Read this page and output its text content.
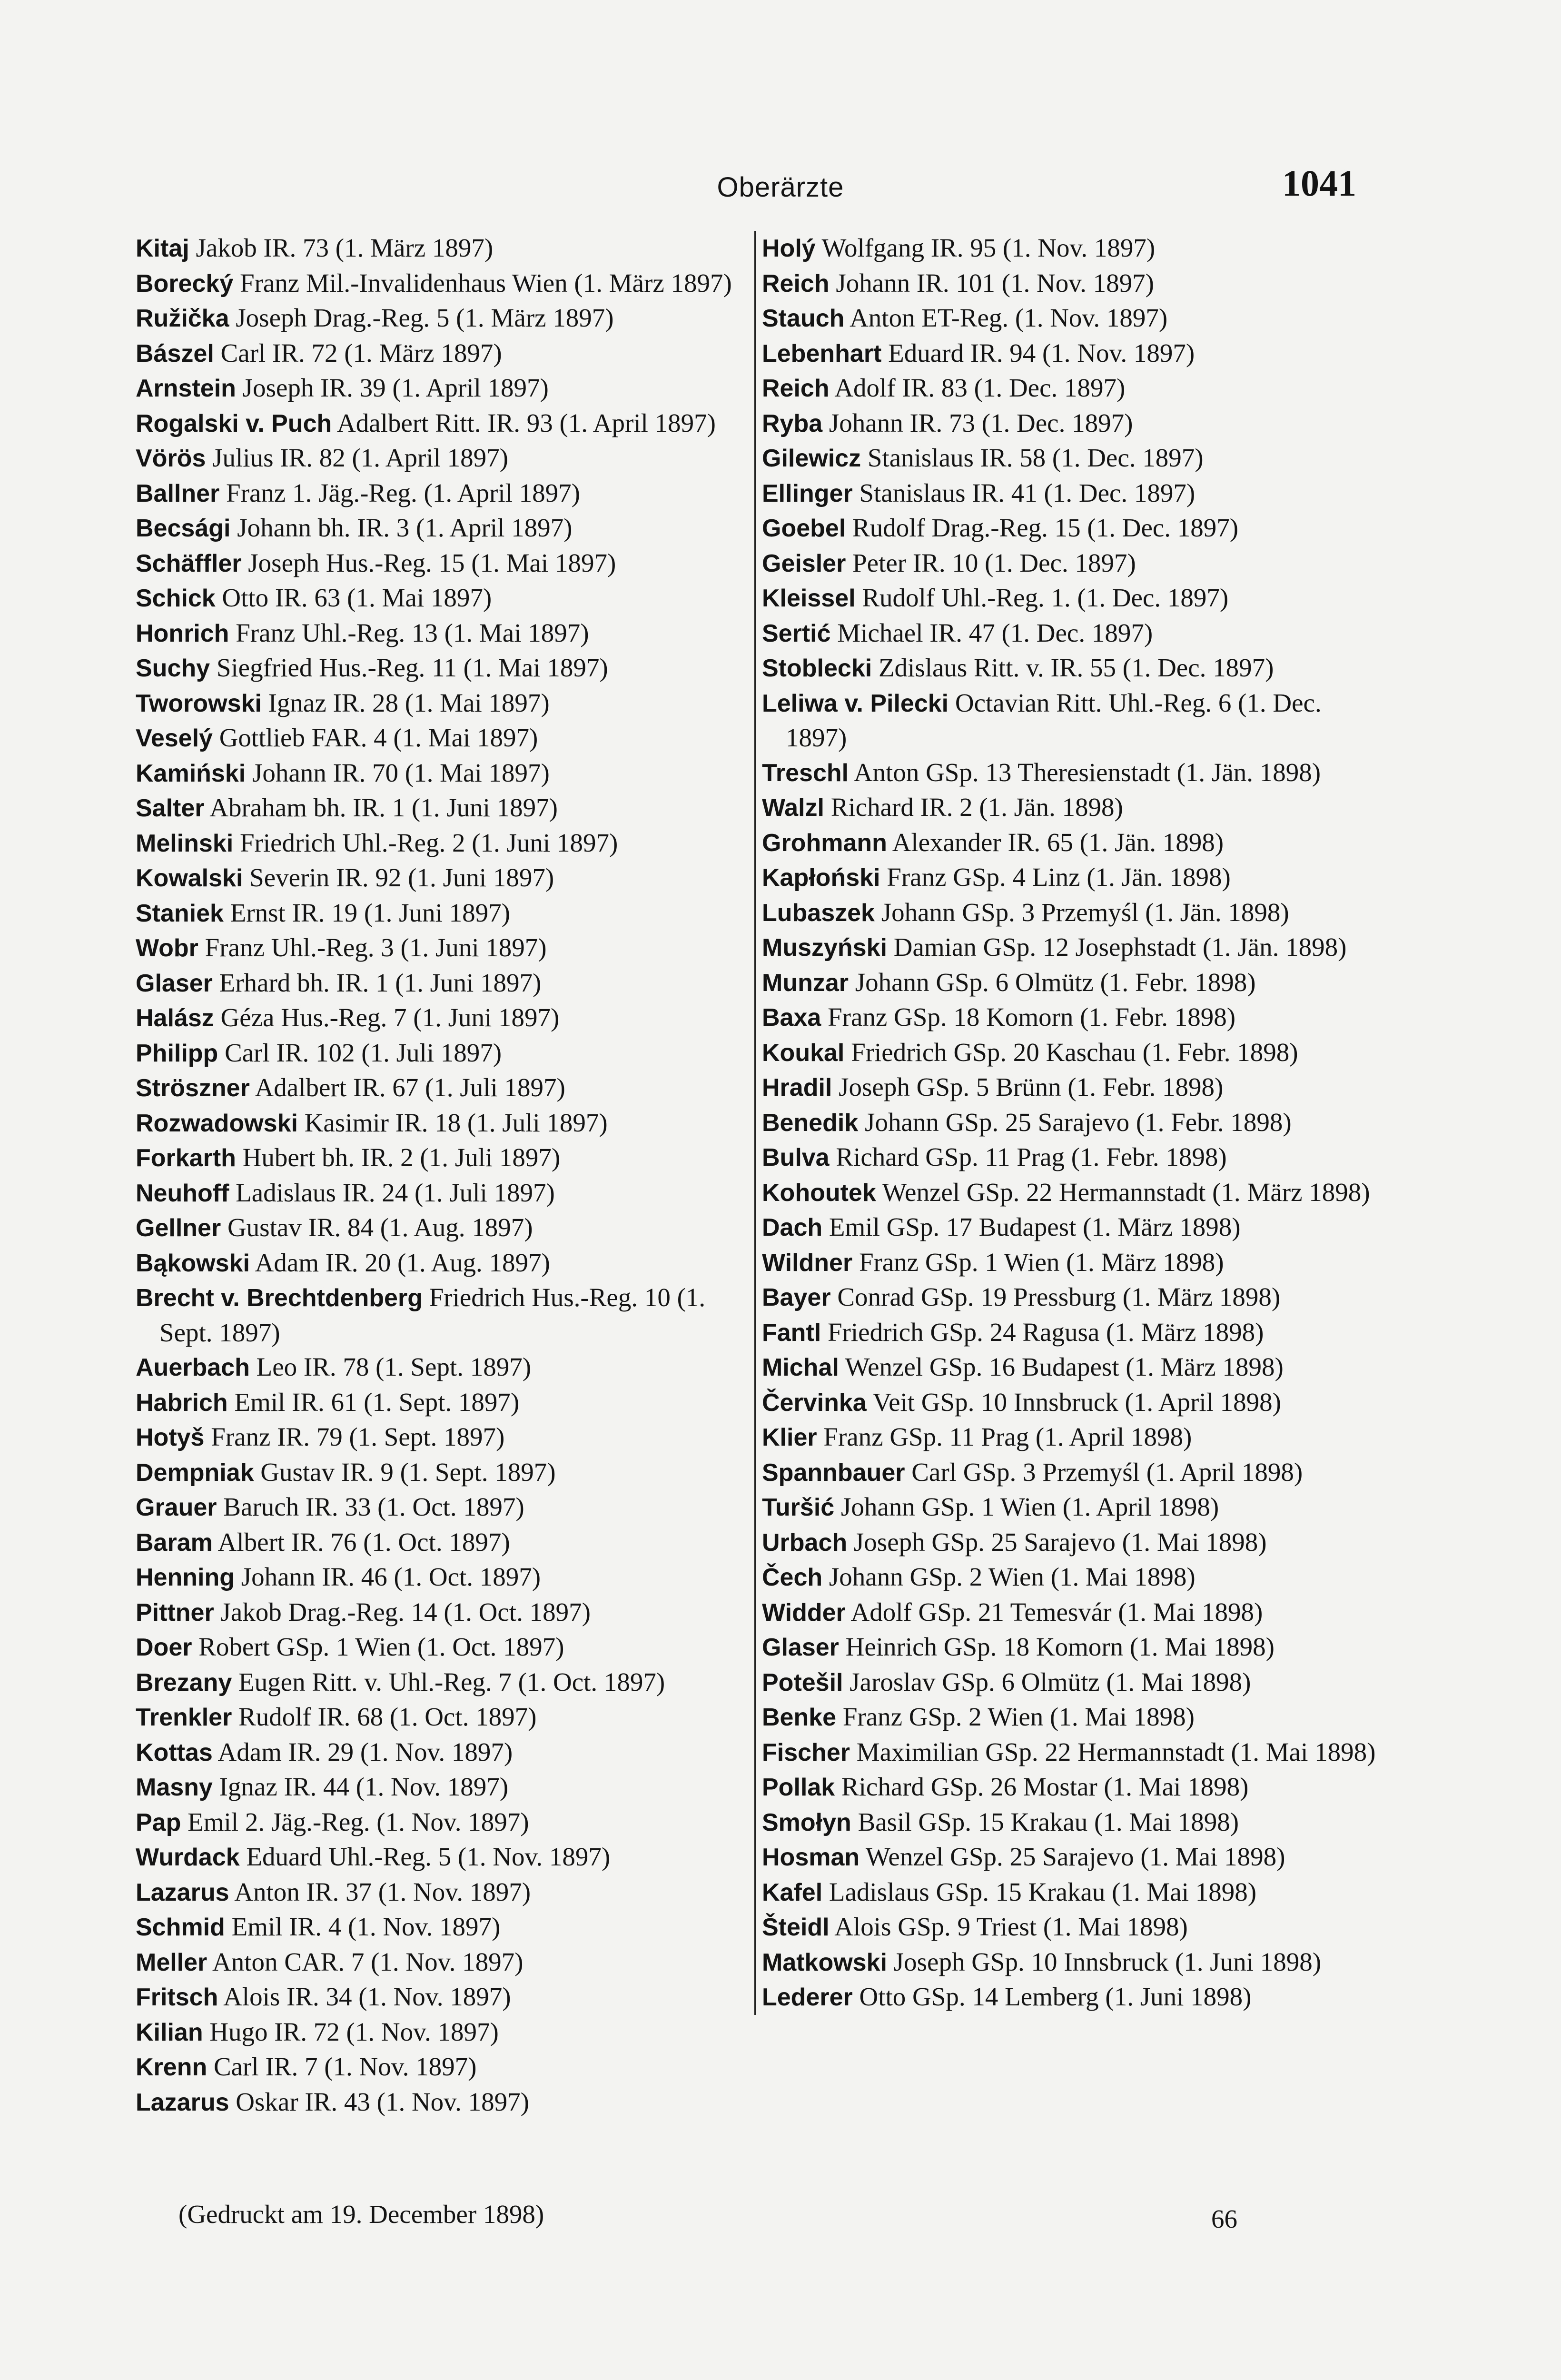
Oberärzte	1041

Kitaj Jakob IR. 73 (1. März 1897)

Borecký Franz Mil.-Invalidenhaus Wien (1. März 1897)

Ružička Joseph Drag.-Reg. 5 (1. März 1897)

Bászel Carl IR. 72 (1. März 1897)

Arnstein Joseph IR. 39 (1. April 1897)

Rogalski v. Puch Adalbert Ritt. IR. 93 (1. April 1897)

Vörös Julius IR. 82 (1. April 1897)

Ballner Franz 1. Jäg.-Reg. (1. April 1897)

Becsági Johann bh. IR. 3 (1. April 1897)

Schäffler Joseph Hus.-Reg. 15 (1. Mai 1897)

Schick Otto IR. 63 (1. Mai 1897)

Honrich Franz Uhl.-Reg. 13 (1. Mai 1897)

Suchy Siegfried Hus.-Reg. 11 (1. Mai 1897)

Tworowski Ignaz IR. 28 (1. Mai 1897)

Veselý Gottlieb FAR. 4 (1. Mai 1897)

Kamiński Johann IR. 70 (1. Mai 1897)

Salter Abraham bh. IR. 1 (1. Juni 1897)

Melinski Friedrich Uhl.-Reg. 2 (1. Juni 1897)

Kowalski Severin IR. 92 (1. Juni 1897)

Staniek Ernst IR. 19 (1. Juni 1897)

Wobr Franz Uhl.-Reg. 3 (1. Juni 1897)

Glaser Erhard bh. IR. 1 (1. Juni 1897)

Halász Géza Hus.-Reg. 7 (1. Juni 1897)

Philipp Carl IR. 102 (1. Juli 1897)

Ströszner Adalbert IR. 67 (1. Juli 1897)

Rozwadowski Kasimir IR. 18 (1. Juli 1897)

Forkarth Hubert bh. IR. 2 (1. Juli 1897)

Neuhoff Ladislaus IR. 24 (1. Juli 1897)

Gellner Gustav IR. 84 (1. Aug. 1897)

Bąkowski Adam IR. 20 (1. Aug. 1897)

Brecht v. Brechtdenberg Friedrich Hus.-Reg. 10 (1. Sept. 1897)

Auerbach Leo IR. 78 (1. Sept. 1897)

Habrich Emil IR. 61 (1. Sept. 1897)

Hotyš Franz IR. 79 (1. Sept. 1897)

Dempniak Gustav IR. 9 (1. Sept. 1897)

Grauer Baruch IR. 33 (1. Oct. 1897)

Baram Albert IR. 76 (1. Oct. 1897)

Henning Johann IR. 46 (1. Oct. 1897)

Pittner Jakob Drag.-Reg. 14 (1. Oct. 1897)

Doer Robert GSp. 1 Wien (1. Oct. 1897)

Brezany Eugen Ritt. v. Uhl.-Reg. 7 (1. Oct. 1897)

Trenkler Rudolf IR. 68 (1. Oct. 1897)

Kottas Adam IR. 29 (1. Nov. 1897)

Masny Ignaz IR. 44 (1. Nov. 1897)

Pap Emil 2. Jäg.-Reg. (1. Nov. 1897)

Wurdack Eduard Uhl.-Reg. 5 (1. Nov. 1897)

Lazarus Anton IR. 37 (1. Nov. 1897)

Schmid Emil IR. 4 (1. Nov. 1897)

Meller Anton CAR. 7 (1. Nov. 1897)

Fritsch Alois IR. 34 (1. Nov. 1897)

Kilian Hugo IR. 72 (1. Nov. 1897)

Krenn Carl IR. 7 (1. Nov. 1897)

Lazarus Oskar IR. 43 (1. Nov. 1897)

Holý Wolfgang IR. 95 (1. Nov. 1897)

Reich Johann IR. 101 (1. Nov. 1897)

Stauch Anton ET-Reg. (1. Nov. 1897)

Lebenhart Eduard IR. 94 (1. Nov. 1897)

Reich Adolf IR. 83 (1. Dec. 1897)

Ryba Johann IR. 73 (1. Dec. 1897)

Gilewicz Stanislaus IR. 58 (1. Dec. 1897)

Ellinger Stanislaus IR. 41 (1. Dec. 1897)

Goebel Rudolf Drag.-Reg. 15 (1. Dec. 1897)

Geisler Peter IR. 10 (1. Dec. 1897)

Kleissel Rudolf Uhl.-Reg. 1. (1. Dec. 1897)

Sertić Michael IR. 47 (1. Dec. 1897)

Stoblecki Zdislaus Ritt. v. IR. 55 (1. Dec. 1897)

Leliwa v. Pilecki Octavian Ritt. Uhl.-Reg. 6 (1. Dec. 1897)

Treschl Anton GSp. 13 Theresienstadt (1. Jän. 1898)

Walzl Richard IR. 2 (1. Jän. 1898)

Grohmann Alexander IR. 65 (1. Jän. 1898)

Kapłoński Franz GSp. 4 Linz (1. Jän. 1898)

Lubaszek Johann GSp. 3 Przemyśl (1. Jän. 1898)

Muszyński Damian GSp. 12 Josephstadt (1. Jän. 1898)

Munzar Johann GSp. 6 Olmütz (1. Febr. 1898)

Baxa Franz GSp. 18 Komorn (1. Febr. 1898)

Koukal Friedrich GSp. 20 Kaschau (1. Febr. 1898)

Hradil Joseph GSp. 5 Brünn (1. Febr. 1898)

Benedik Johann GSp. 25 Sarajevo (1. Febr. 1898)

Bulva Richard GSp. 11 Prag (1. Febr. 1898)

Kohoutek Wenzel GSp. 22 Hermannstadt (1. März 1898)

Dach Emil GSp. 17 Budapest (1. März 1898)

Wildner Franz GSp. 1 Wien (1. März 1898)

Bayer Conrad GSp. 19 Pressburg (1. März 1898)

Fantl Friedrich GSp. 24 Ragusa (1. März 1898)

Michal Wenzel GSp. 16 Budapest (1. März 1898)

Červinka Veit GSp. 10 Innsbruck (1. April 1898)

Klier Franz GSp. 11 Prag (1. April 1898)

Spannbauer Carl GSp. 3 Przemyśl (1. April 1898)

Turšić Johann GSp. 1 Wien (1. April 1898)

Urbach Joseph GSp. 25 Sarajevo (1. Mai 1898)

Čech Johann GSp. 2 Wien (1. Mai 1898)

Widder Adolf GSp. 21 Temesvár (1. Mai 1898)

Glaser Heinrich GSp. 18 Komorn (1. Mai 1898)

Potešil Jaroslav GSp. 6 Olmütz (1. Mai 1898)

Benke Franz GSp. 2 Wien (1. Mai 1898)

Fischer Maximilian GSp. 22 Hermannstadt (1. Mai 1898)

Pollak Richard GSp. 26 Mostar (1. Mai 1898)

Smołyn Basil GSp. 15 Krakau (1. Mai 1898)

Hosman Wenzel GSp. 25 Sarajevo (1. Mai 1898)

Kafel Ladislaus GSp. 15 Krakau (1. Mai 1898)

Šteidl Alois GSp. 9 Triest (1. Mai 1898)

Matkowski Joseph GSp. 10 Innsbruck (1. Juni 1898)

Lederer Otto GSp. 14 Lemberg (1. Juni 1898)

(Gedruckt am 19. December 1898)	66
